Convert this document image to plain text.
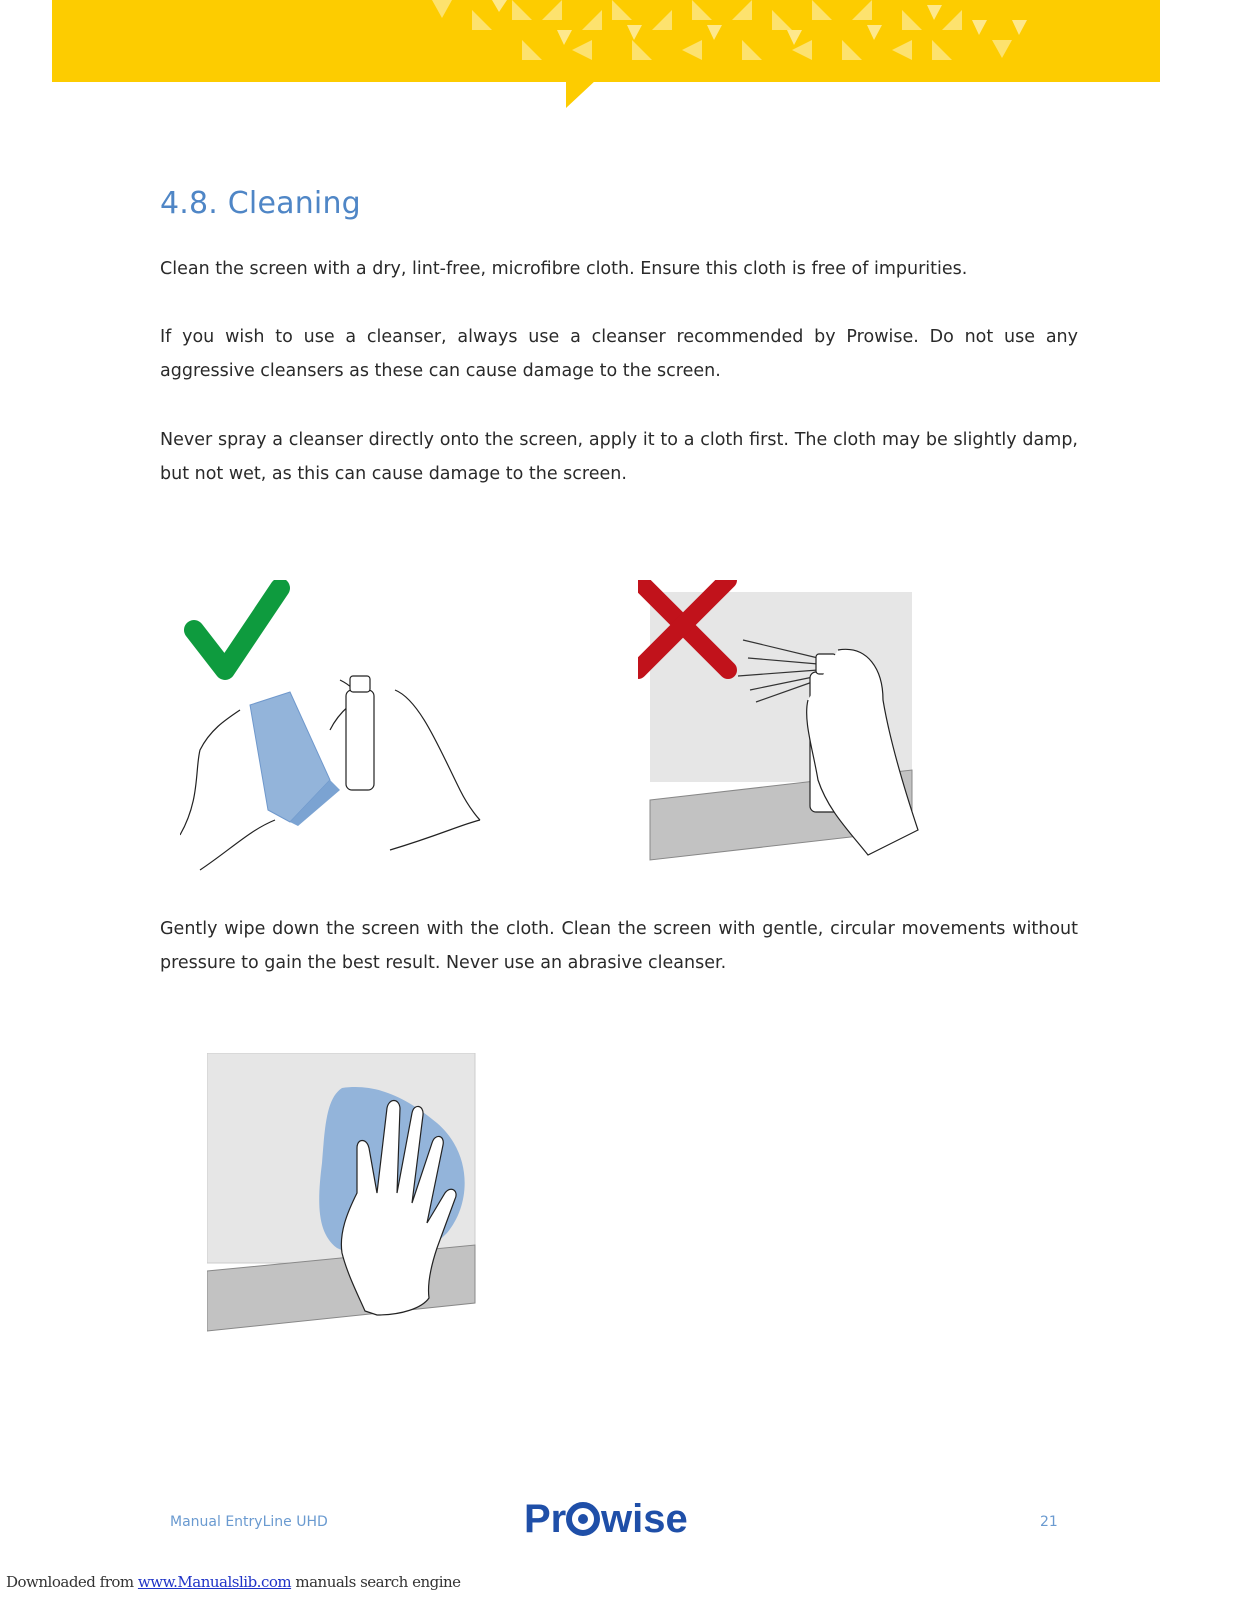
4.8. Cleaning

Clean the screen with a dry, lint-free, microfibre cloth. Ensure this cloth is free of impurities.

If you wish to use a cleanser, always use a cleanser recommended by Prowise. Do not use any aggressive cleansers as these can cause damage to the screen.

Never spray a cleanser directly onto the screen, apply it to a cloth first. The cloth may be slightly damp, but not wet, as this can cause damage to the screen.

Gently wipe down the screen with the cloth. Clean the screen with gentle, circular movements without pressure to gain the best result. Never use an abrasive cleanser.

Manual EntryLine UHD	Pr wise	21
Downloaded from www.Manualslib.com manuals search engine
